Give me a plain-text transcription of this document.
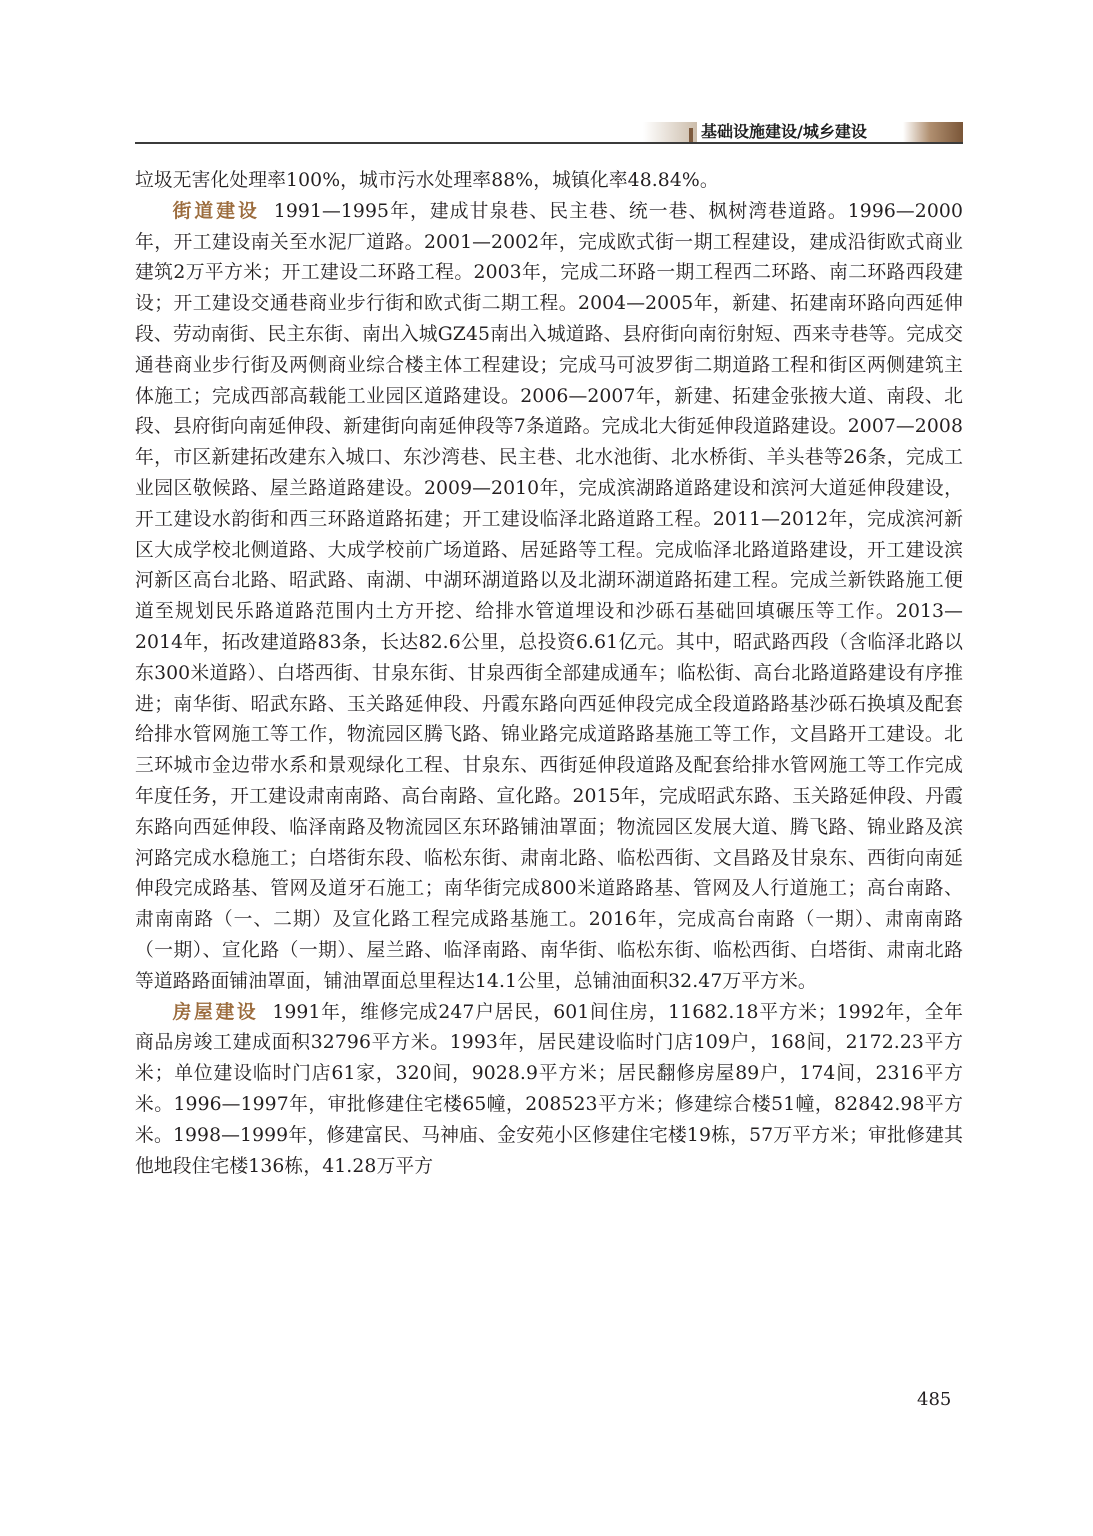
基础设施建设/城乡建设

垃圾无害化处理率100%，城市污水处理率88%，城镇化率48.84%。

街道建设 1991—1995年，建成甘泉巷、民主巷、统一巷、枫树湾巷道路。1996—2000年，开工建设南关至水泥厂道路。2001—2002年，完成欧式街一期工程建设，建成沿街欧式商业建筑2万平方米；开工建设二环路工程。2003年，完成二环路一期工程西二环路、南二环路西段建设；开工建设交通巷商业步行街和欧式街二期工程。2004—2005年，新建、拓建南环路向西延伸段、劳动南街、民主东街、南出入城GZ45南出入城道路、县府街向南衍射短、西来寺巷等。完成交通巷商业步行街及两侧商业综合楼主体工程建设；完成马可波罗街二期道路工程和街区两侧建筑主体施工；完成西部高载能工业园区道路建设。2006—2007年，新建、拓建金张掖大道、南段、北段、县府街向南延伸段、新建街向南延伸段等7条道路。完成北大街延伸段道路建设。2007—2008年，市区新建拓改建东入城口、东沙湾巷、民主巷、北水池街、北水桥街、羊头巷等26条，完成工业园区敬候路、屋兰路道路建设。2009—2010年，完成滨湖路道路建设和滨河大道延伸段建设，开工建设水韵街和西三环路道路拓建；开工建设临泽北路道路工程。2011—2012年，完成滨河新区大成学校北侧道路、大成学校前广场道路、居延路等工程。完成临泽北路道路建设，开工建设滨河新区高台北路、昭武路、南湖、中湖环湖道路以及北湖环湖道路拓建工程。完成兰新铁路施工便道至规划民乐路道路范围内土方开挖、给排水管道埋设和沙砾石基础回填碾压等工作。2013—2014年，拓改建道路83条，长达82.6公里，总投资6.61亿元。其中，昭武路西段（含临泽北路以东300米道路）、白塔西街、甘泉东街、甘泉西街全部建成通车；临松街、高台北路道路建设有序推进；南华街、昭武东路、玉关路延伸段、丹霞东路向西延伸段完成全段道路路基沙砾石换填及配套给排水管网施工等工作，物流园区腾飞路、锦业路完成道路路基施工等工作，文昌路开工建设。北三环城市金边带水系和景观绿化工程、甘泉东、西街延伸段道路及配套给排水管网施工等工作完成年度任务，开工建设肃南南路、高台南路、宣化路。2015年，完成昭武东路、玉关路延伸段、丹霞东路向西延伸段、临泽南路及物流园区东环路铺油罩面；物流园区发展大道、腾飞路、锦业路及滨河路完成水稳施工；白塔街东段、临松东街、肃南北路、临松西街、文昌路及甘泉东、西街向南延伸段完成路基、管网及道牙石施工；南华街完成800米道路路基、管网及人行道施工；高台南路、肃南南路（一、二期）及宣化路工程完成路基施工。2016年，完成高台南路（一期）、肃南南路（一期）、宣化路（一期）、屋兰路、临泽南路、南华街、临松东街、临松西街、白塔街、肃南北路等道路路面铺油罩面，铺油罩面总里程达14.1公里，总铺油面积32.47万平方米。

房屋建设 1991年，维修完成247户居民，601间住房，11682.18平方米；1992年，全年商品房竣工建成面积32796平方米。1993年，居民建设临时门店109户，168间，2172.23平方米；单位建设临时门店61家，320间，9028.9平方米；居民翻修房屋89户，174间，2316平方米。1996—1997年，审批修建住宅楼65幢，208523平方米；修建综合楼51幢，82842.98平方米。1998—1999年，修建富民、马神庙、金安苑小区修建住宅楼19栋，57万平方米；审批修建其他地段住宅楼136栋，41.28万平方

485
